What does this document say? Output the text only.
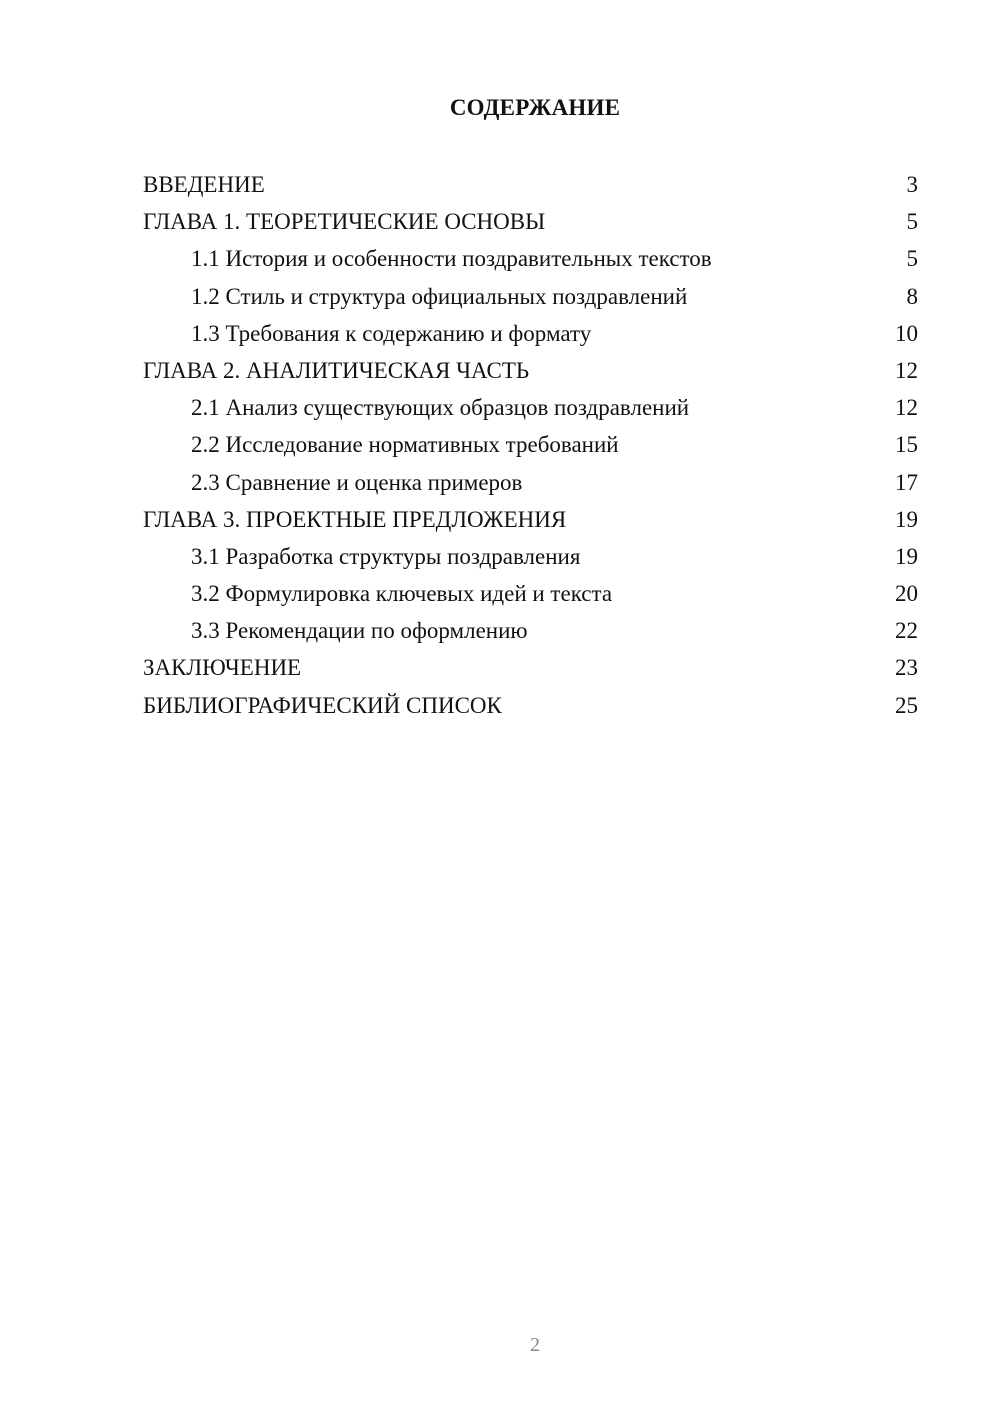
СОДЕРЖАНИЕ
ВВЕДЕНИЕ	3
ГЛАВА 1. ТЕОРЕТИЧЕСКИЕ ОСНОВЫ	5
1.1 История и особенности поздравительных текстов	5
1.2 Стиль и структура официальных поздравлений	8
1.3 Требования к содержанию и формату	10
ГЛАВА 2. АНАЛИТИЧЕСКАЯ ЧАСТЬ	12
2.1 Анализ существующих образцов поздравлений	12
2.2 Исследование нормативных требований	15
2.3 Сравнение и оценка примеров	17
ГЛАВА 3. ПРОЕКТНЫЕ ПРЕДЛОЖЕНИЯ	19
3.1 Разработка структуры поздравления	19
3.2 Формулировка ключевых идей и текста	20
3.3 Рекомендации по оформлению	22
ЗАКЛЮЧЕНИЕ	23
БИБЛИОГРАФИЧЕСКИЙ СПИСОК	25
2
